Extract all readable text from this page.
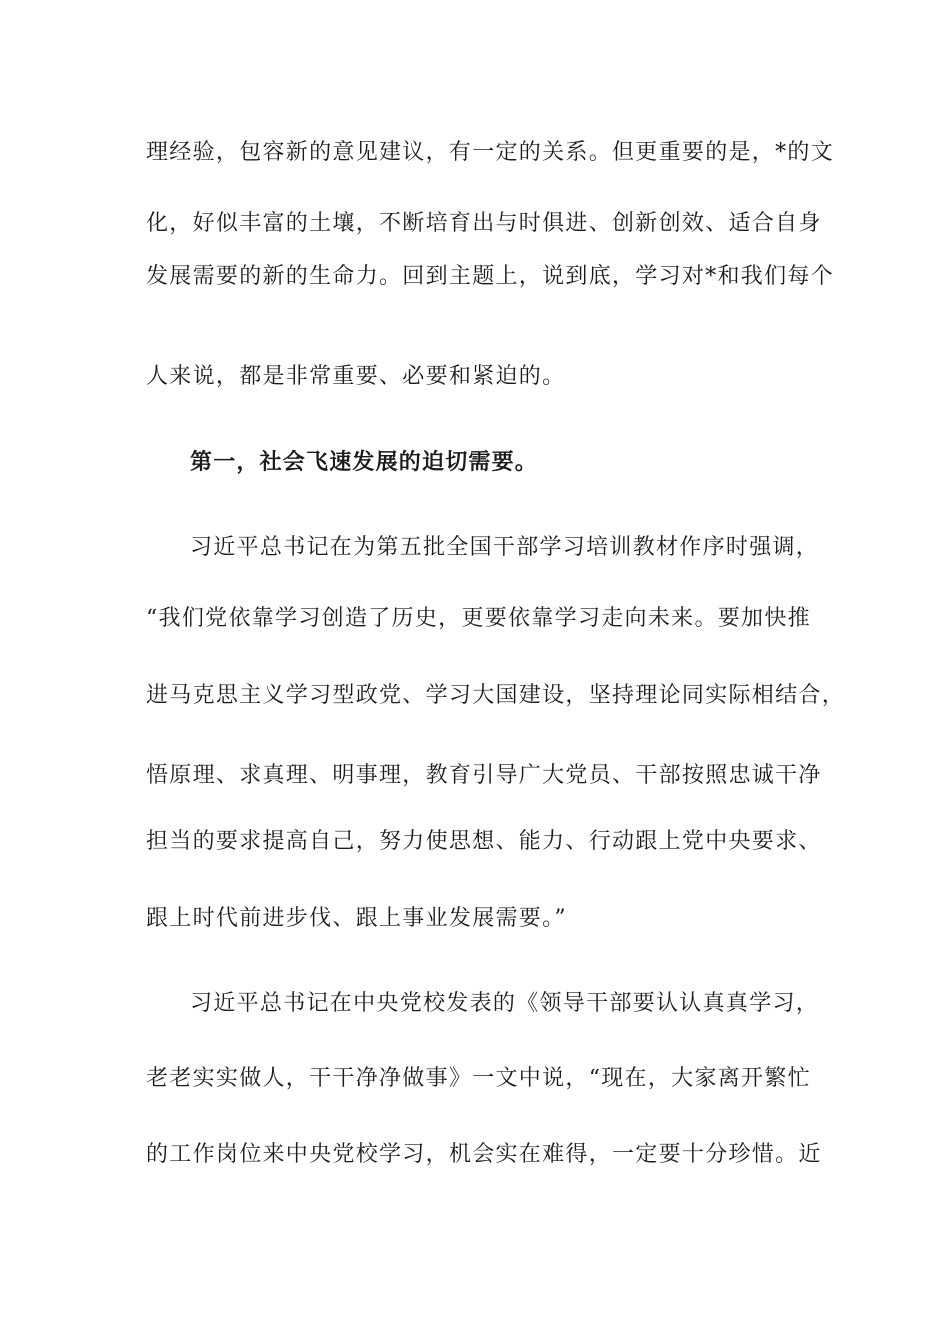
理经验，包容新的意见建议，有一定的关系。但更重要的是，*的文
化，好似丰富的土壤，不断培育出与时俱进、创新创效、适合自身
发展需要的新的生命力。回到主题上，说到底，学习对*和我们每个
人来说，都是非常重要、必要和紧迫的。
第一，社会飞速发展的迫切需要。
习近平总书记在为第五批全国干部学习培训教材作序时强调，
“我们党依靠学习创造了历史，更要依靠学习走向未来。要加快推
进马克思主义学习型政党、学习大国建设，坚持理论同实际相结合，
悟原理、求真理、明事理，教育引导广大党员、干部按照忠诚干净
担当的要求提高自己，努力使思想、能力、行动跟上党中央要求、
跟上时代前进步伐、跟上事业发展需要。”
习近平总书记在中央党校发表的《领导干部要认认真真学习，
老老实实做人，干干净净做事》一文中说，“现在，大家离开繁忙
的工作岗位来中央党校学习，机会实在难得，一定要十分珍惜。近
